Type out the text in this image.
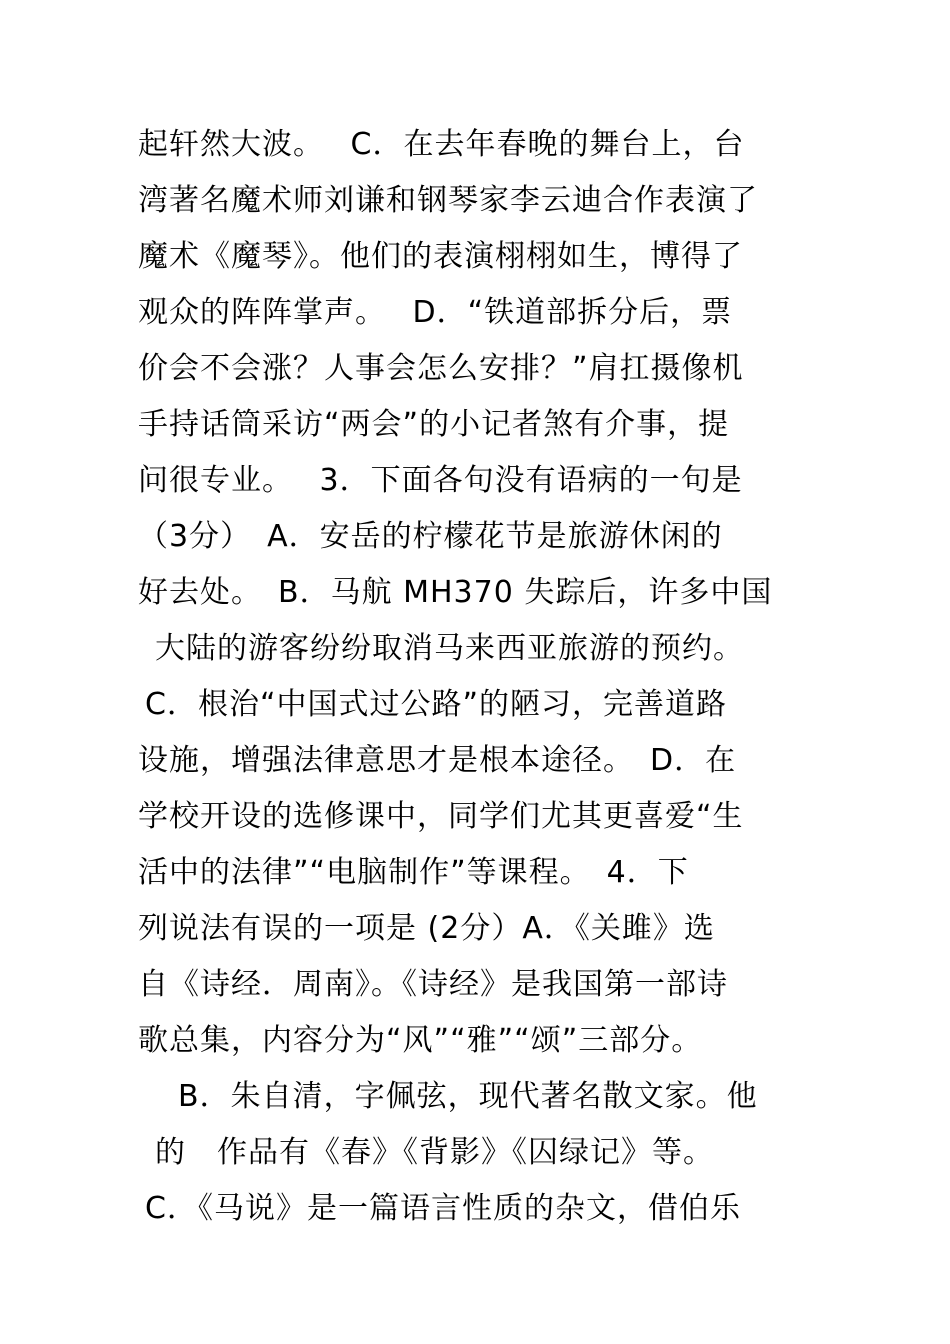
起轩然大波。　 C．在去年春晚的舞台上，台
湾著名魔术师刘谦和钢琴家李云迪合作表演了
魔术《魔琴》。他们的表演栩栩如生，博得了
观众的阵阵掌声。　 D．“铁道部拆分后，票
价会不会涨？人事会怎么安排？”肩扛摄像机
手持话筒采访“两会”的小记者煞有介事，提
问很专业。　 3．下面各句没有语病的一句是
（3分）　A．安岳的柠檬花节是旅游休闲的
好去处。　B．马航 MH370 失踪后，许多中国
大陆的游客纷纷取消马来西亚旅游的预约。
C．根治“中国式过公路”的陋习，完善道路
设施，增强法律意思才是根本途径。　D．在
学校开设的选修课中，同学们尤其更喜爱“生
活中的法律”“电脑制作”等课程。　4．下
列说法有误的一项是 (2分）A．《关雎》选
自《诗经．周南》。《诗经》是我国第一部诗
歌总集，内容分为“风”“雅”“颂”三部分。
B．朱自清，字佩弦，现代著名散文家。他
的　作品有《春》《背影》《囚绿记》等。
C．《马说》是一篇语言性质的杂文，借伯乐
